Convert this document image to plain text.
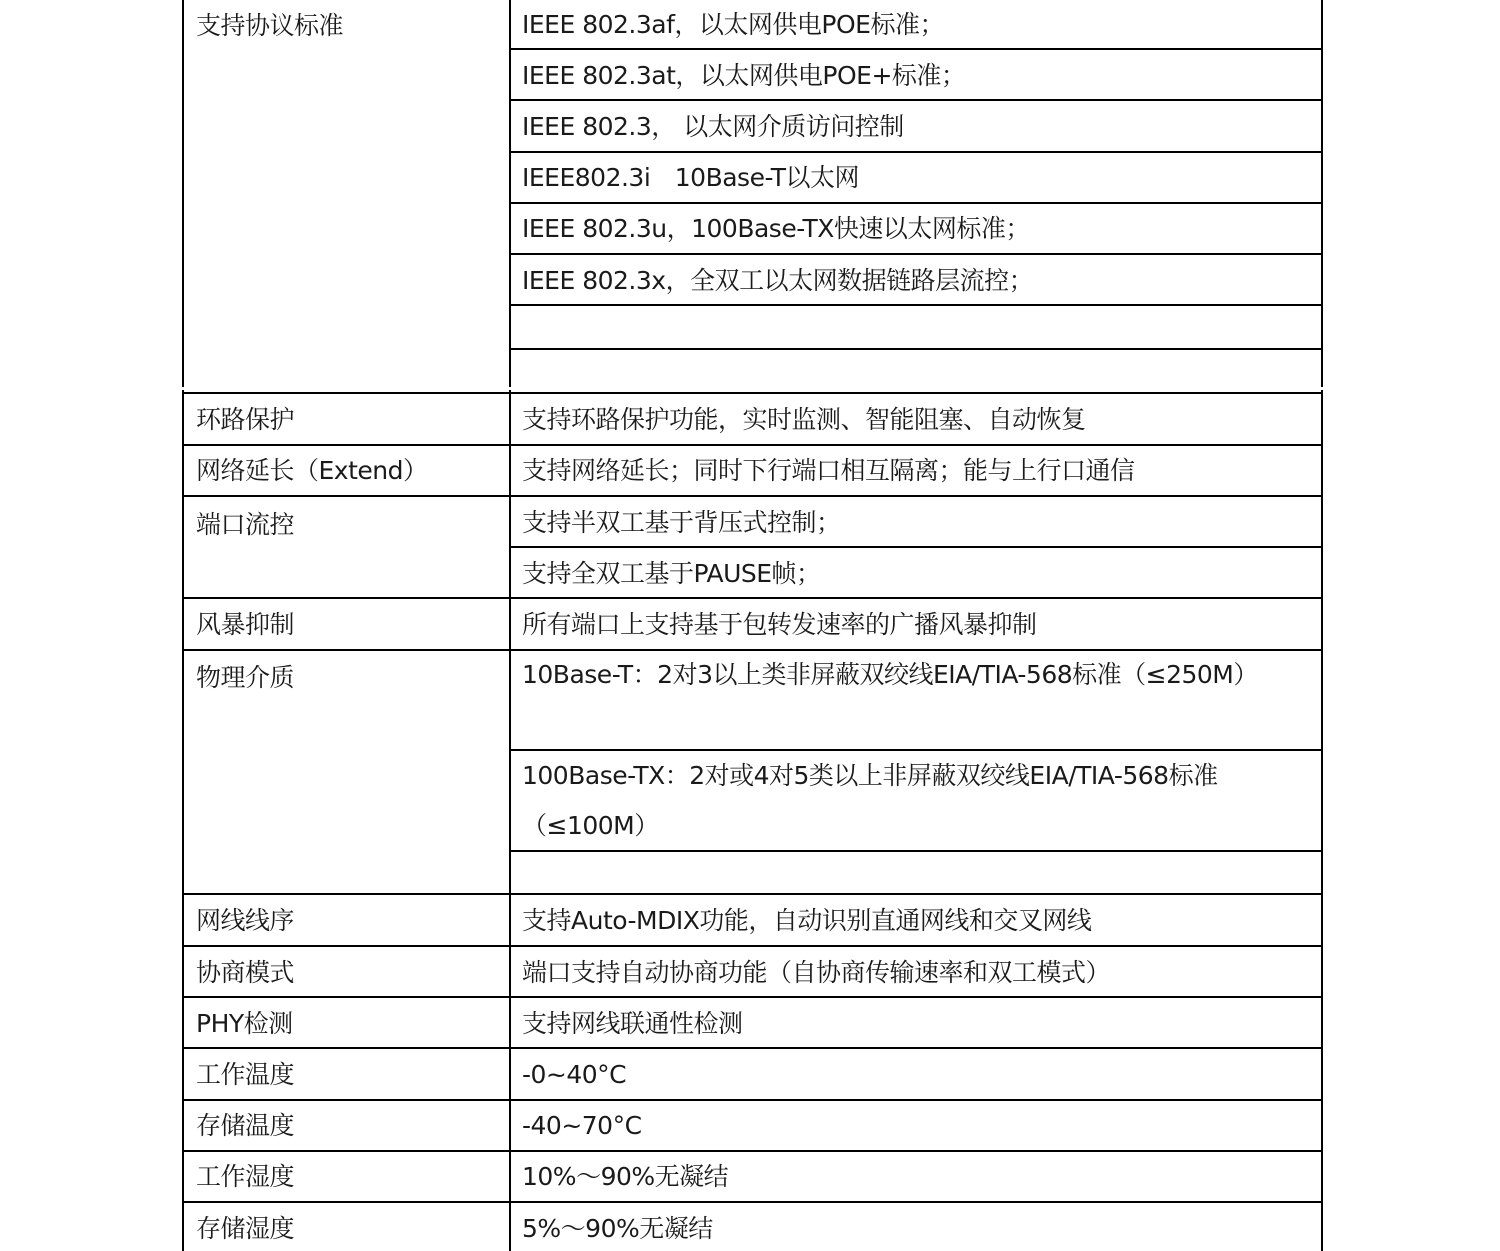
支持协议标准	IEEE 802.3af，以太网供电POE标准；
IEEE 802.3at，以太网供电POE+标准；
IEEE 802.3， 以太网介质访问控制
IEEE802.3i　10Base-T以太网
IEEE 802.3u，100Base-TX快速以太网标准；
IEEE 802.3x，全双工以太网数据链路层流控；
环路保护	支持环路保护功能，实时监测、智能阻塞、自动恢复
网络延长（Extend）	支持网络延长；同时下行端口相互隔离；能与上行口通信
端口流控	支持半双工基于背压式控制；
支持全双工基于PAUSE帧；
风暴抑制	所有端口上支持基于包转发速率的广播风暴抑制
物理介质	10Base-T：2对3以上类非屏蔽双绞线EIA/TIA-568标准（≤250M）
100Base-TX：2对或4对5类以上非屏蔽双绞线EIA/TIA-568标准（≤100M）
网线线序	支持Auto-MDIX功能，自动识别直通网线和交叉网线
协商模式	端口支持自动协商功能（自协商传输速率和双工模式）
PHY检测	支持网线联通性检测
工作温度	-0~40°C
存储温度	-40~70°C
工作湿度	10%～90%无凝结
存储湿度	5%～90%无凝结
